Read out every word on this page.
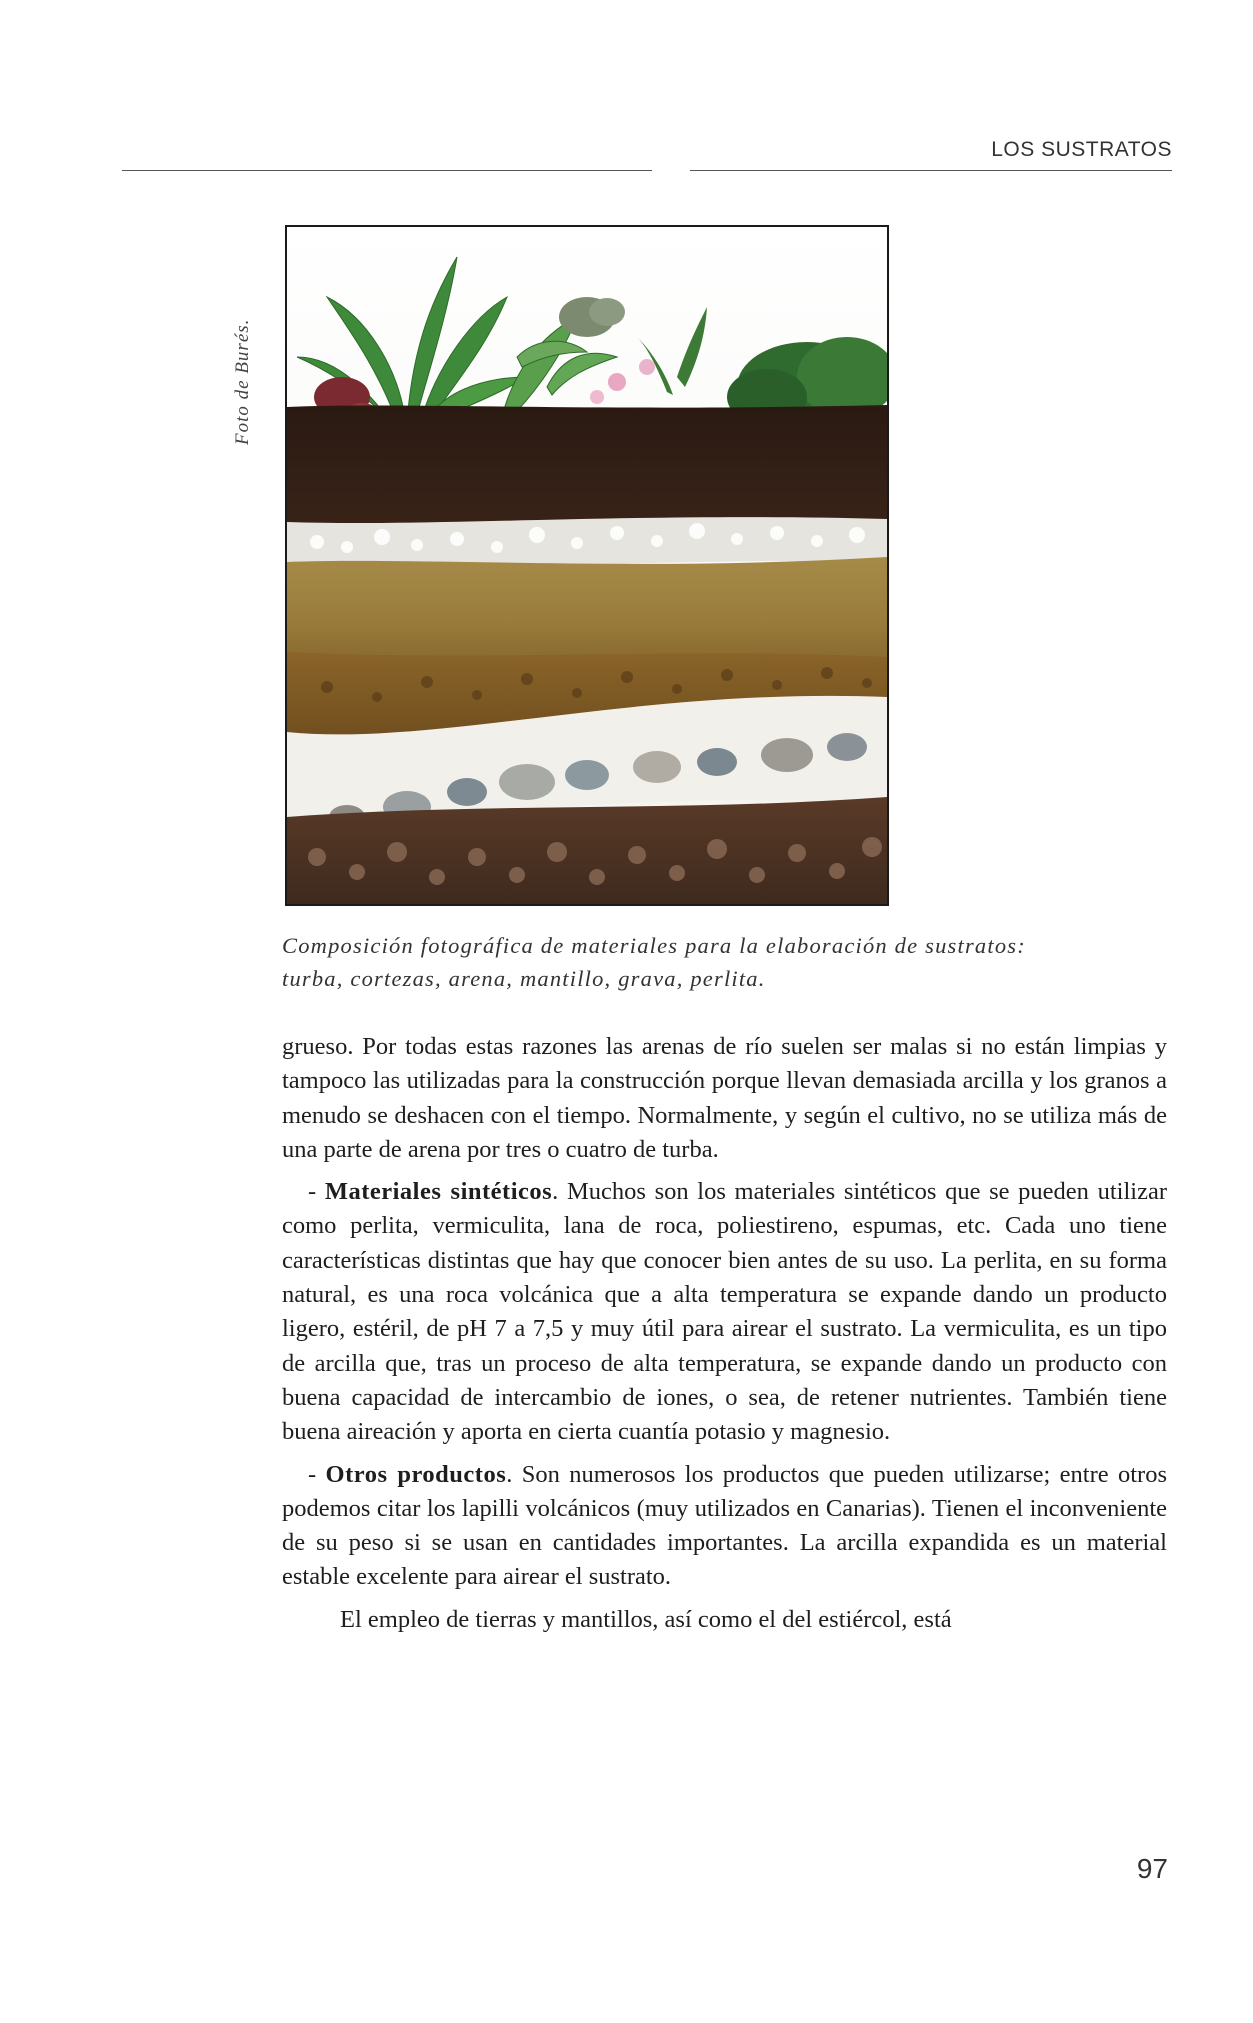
LOS SUSTRATOS
Foto de Burés.

Composición fotográfica de materiales para la elaboración de sustratos:

turba, cortezas, arena, mantillo, grava, perlita.

grueso. Por todas estas razones las arenas de río suelen ser malas si no están limpias y tampoco las utilizadas para la construcción porque llevan demasiada arcilla y los granos a menudo se deshacen con el tiempo. Normalmente, y según el cultivo, no se utiliza más de una parte de arena por tres o cuatro de turba.

- Materiales sintéticos. Muchos son los materiales sintéticos que se pueden utilizar como perlita, vermiculita, lana de roca, poliestireno, espumas, etc. Cada uno tiene características distintas que hay que conocer bien antes de su uso. La perlita, en su forma natural, es una roca volcánica que a alta temperatura se expande dando un producto ligero, estéril, de pH 7 a 7,5 y muy útil para airear el sustrato. La vermiculita, es un tipo de arcilla que, tras un proceso de alta temperatura, se expande dando un producto con buena capacidad de intercambio de iones, o sea, de retener nutrientes. También tiene buena aireación y aporta en cierta cuantía potasio y magnesio.

- Otros productos. Son numerosos los productos que pueden utilizarse; entre otros podemos citar los lapilli volcánicos (muy utilizados en Canarias). Tienen el inconveniente de su peso si se usan en cantidades importantes. La arcilla expandida es un material estable excelente para airear el sustrato.

El empleo de tierras y mantillos, así como el del estiércol, está

97
